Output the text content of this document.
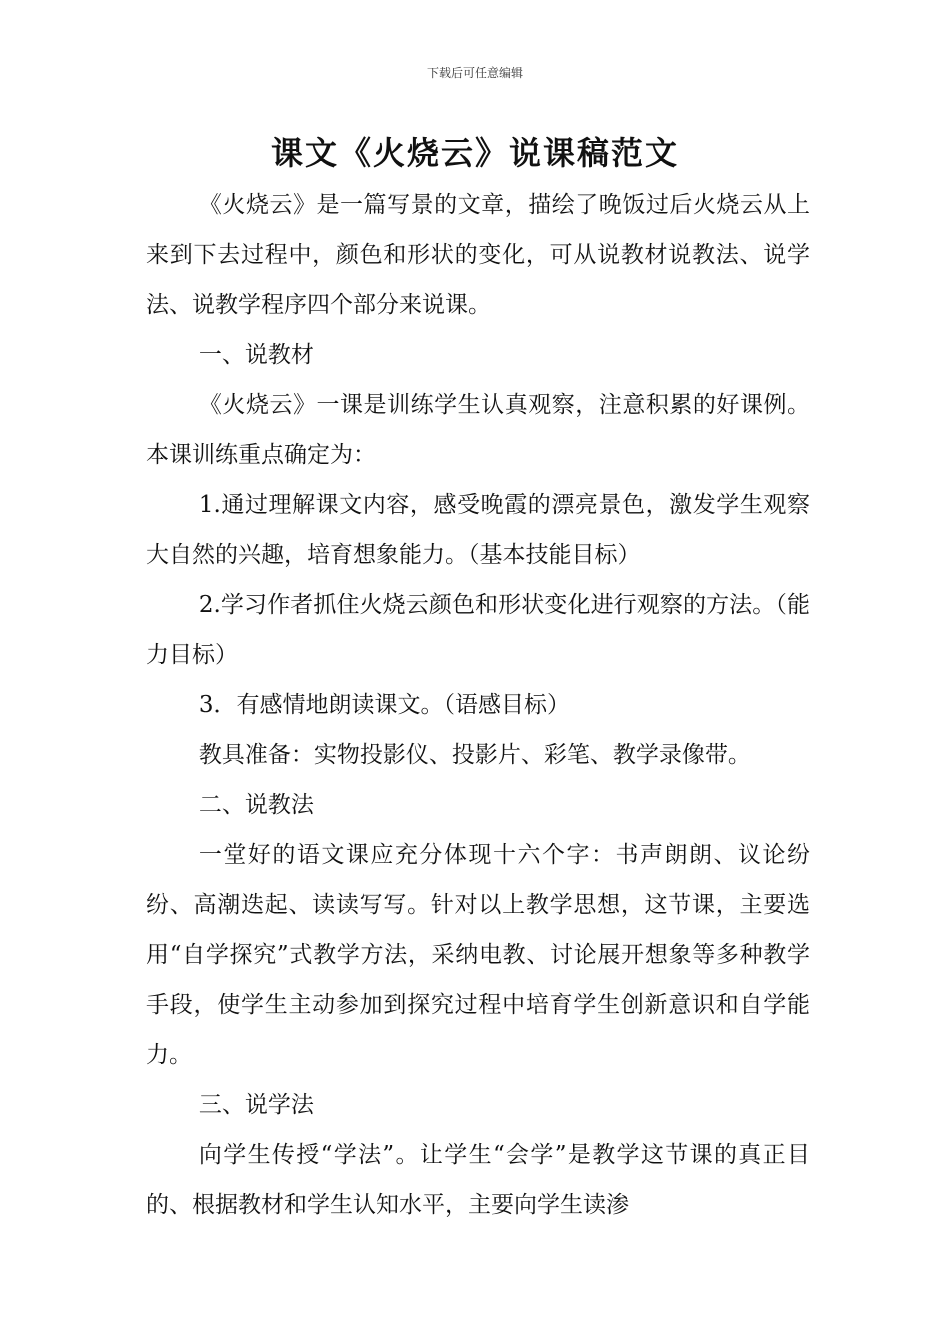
下载后可任意编辑
课文《火烧云》说课稿范文

《火烧云》是一篇写景的文章，描绘了晚饭过后火烧云从上来到下去过程中，颜色和形状的变化，可从说教材说教法、说学法、说教学程序四个部分来说课。

一、说教材

《火烧云》一课是训练学生认真观察，注意积累的好课例。本课训练重点确定为：

1.通过理解课文内容，感受晚霞的漂亮景色，激发学生观察大自然的兴趣，培育想象能力。（基本技能目标）

2.学习作者抓住火烧云颜色和形状变化进行观察的方法。（能力目标）

3．有感情地朗读课文。（语感目标）

教具准备：实物投影仪、投影片、彩笔、教学录像带。

二、说教法

一堂好的语文课应充分体现十六个字：书声朗朗、议论纷纷、高潮迭起、读读写写。针对以上教学思想，这节课，主要选用“自学探究”式教学方法，采纳电教、讨论展开想象等多种教学手段，使学生主动参加到探究过程中培育学生创新意识和自学能力。

三、说学法

向学生传授“学法”。让学生“会学”是教学这节课的真正目的、根据教材和学生认知水平，主要向学生读渗
